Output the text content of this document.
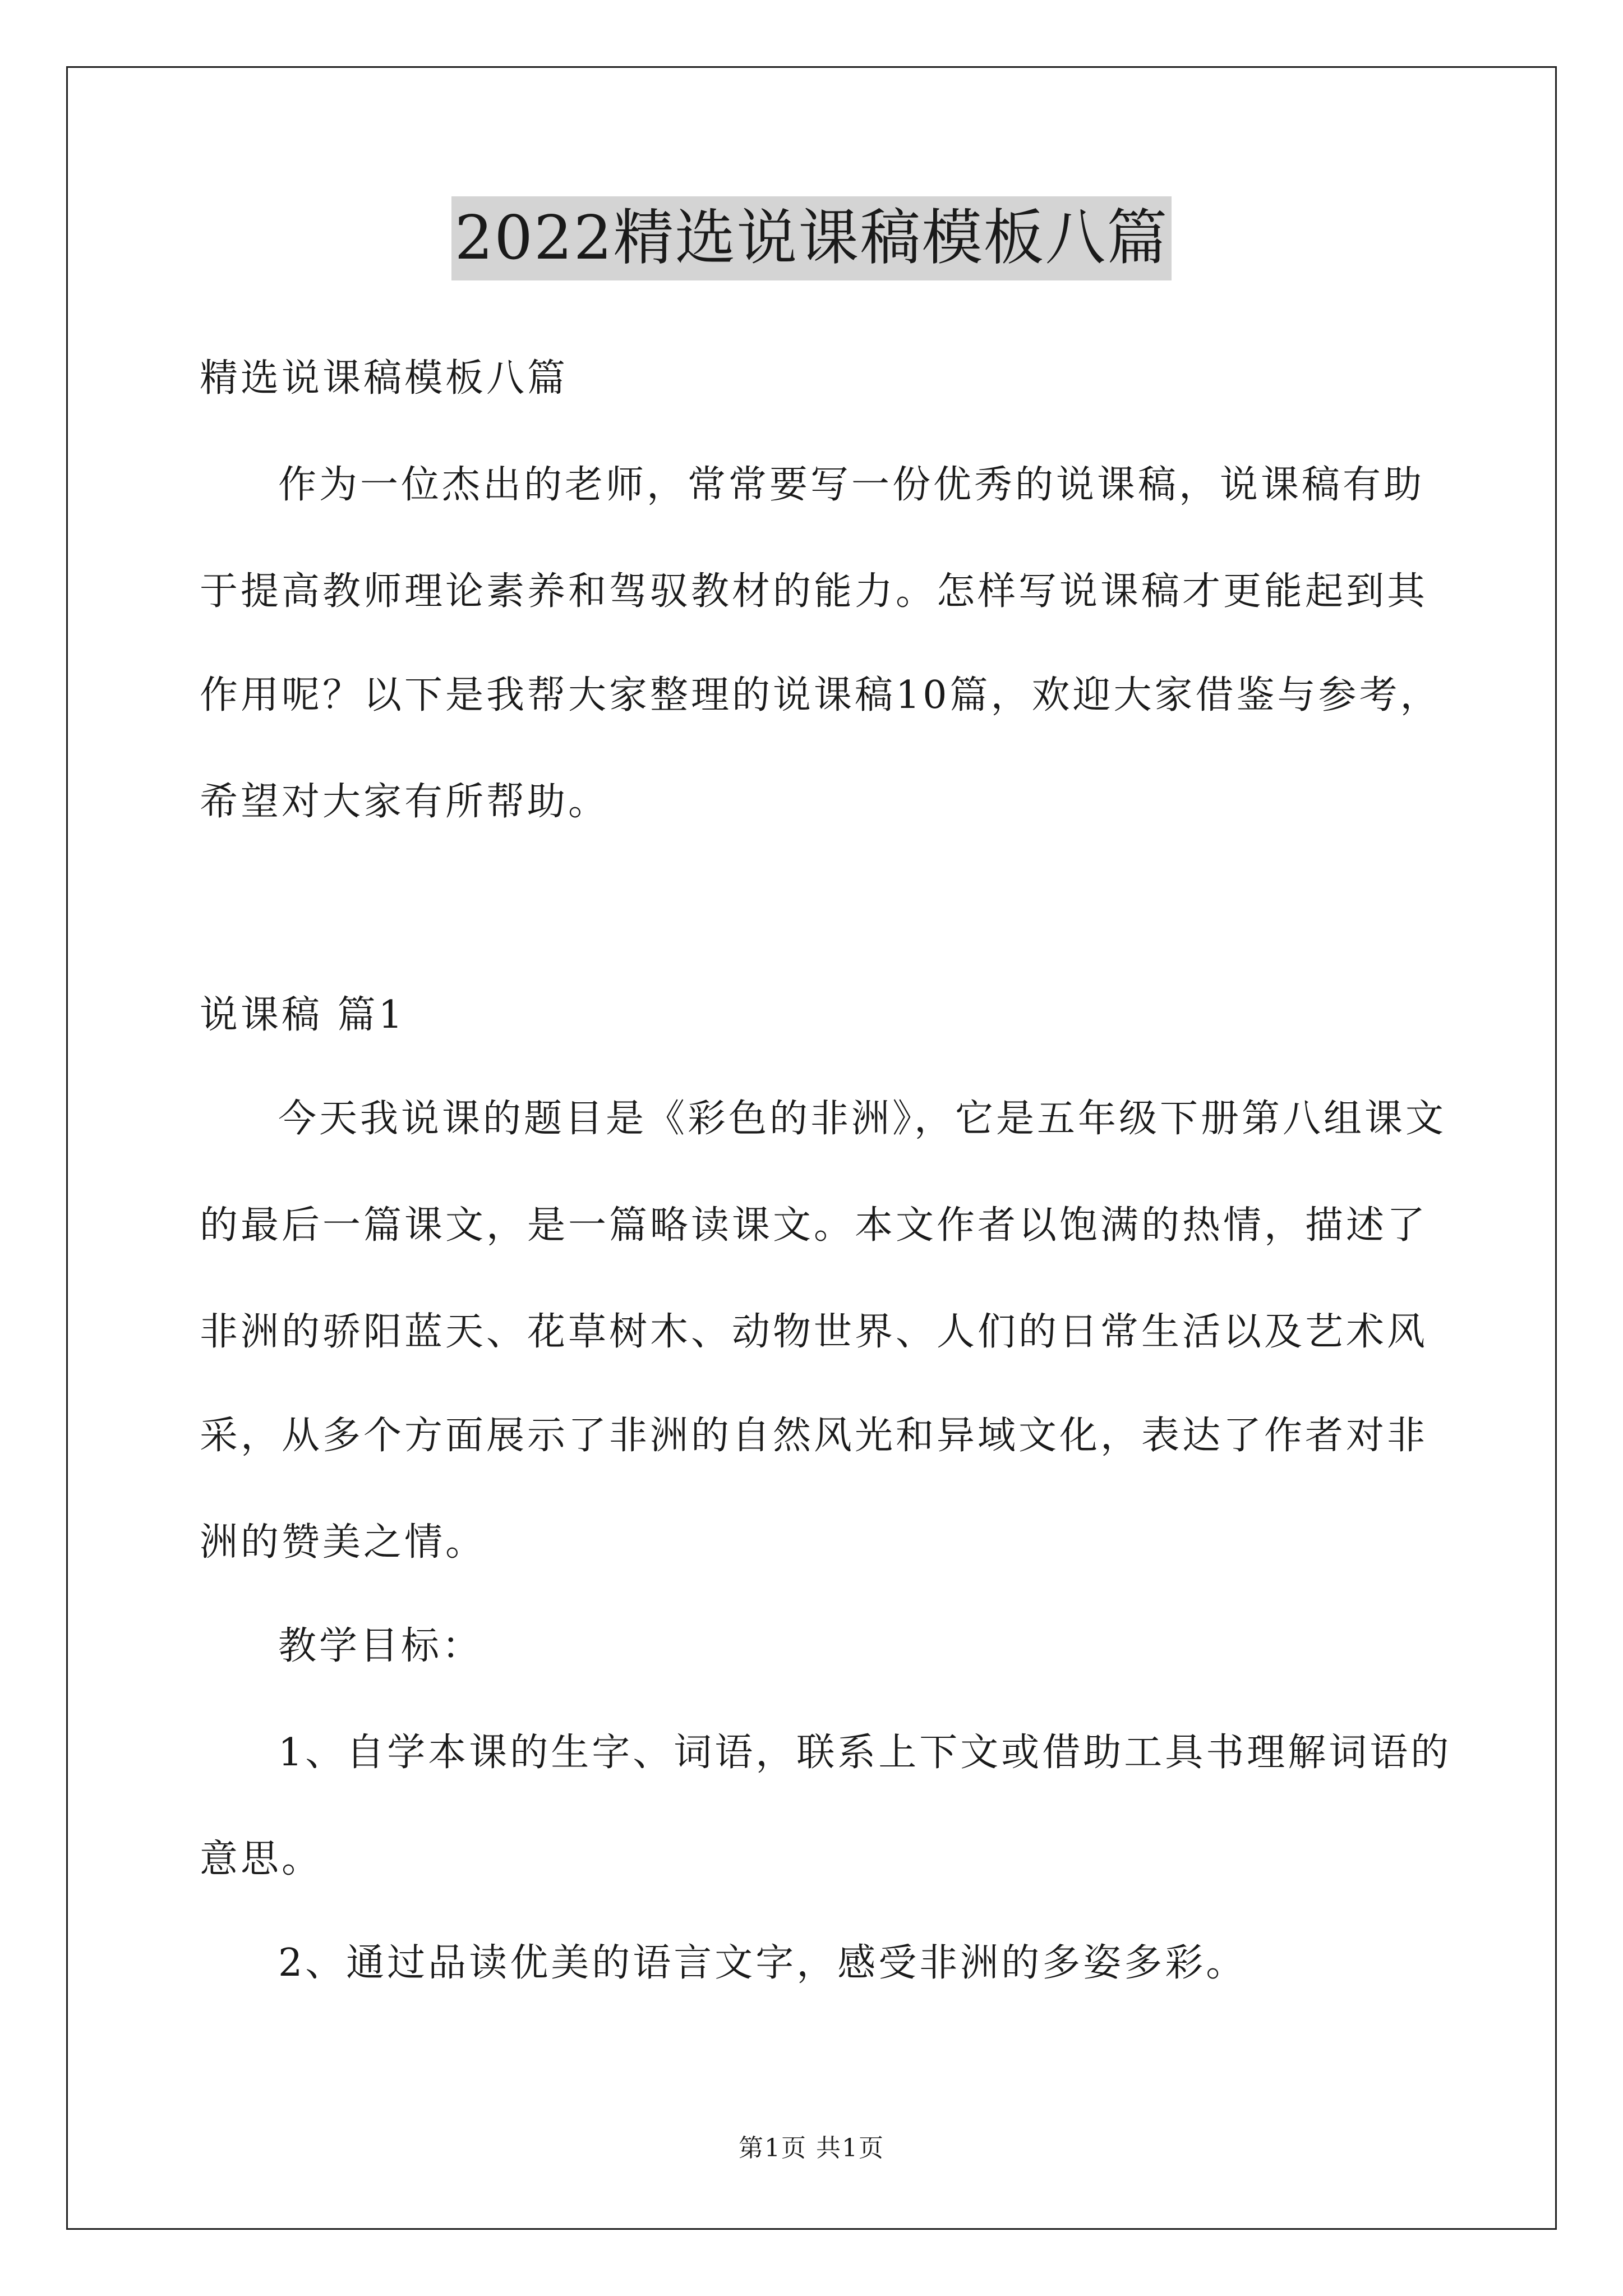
2022精选说课稿模板八篇
精选说课稿模板八篇
作为一位杰出的老师，常常要写一份优秀的说课稿，说课稿有助
于提高教师理论素养和驾驭教材的能力。怎样写说课稿才更能起到其
作用呢？以下是我帮大家整理的说课稿10篇，欢迎大家借鉴与参考，
希望对大家有所帮助。
说课稿 篇1
今天我说课的题目是《彩色的非洲》，它是五年级下册第八组课文
的最后一篇课文，是一篇略读课文。本文作者以饱满的热情，描述了
非洲的骄阳蓝天、花草树木、动物世界、人们的日常生活以及艺术风
采，从多个方面展示了非洲的自然风光和异域文化，表达了作者对非
洲的赞美之情。
教学目标：
1、自学本课的生字、词语，联系上下文或借助工具书理解词语的
意思。
2、通过品读优美的语言文字，感受非洲的多姿多彩。
第1页 共1页
